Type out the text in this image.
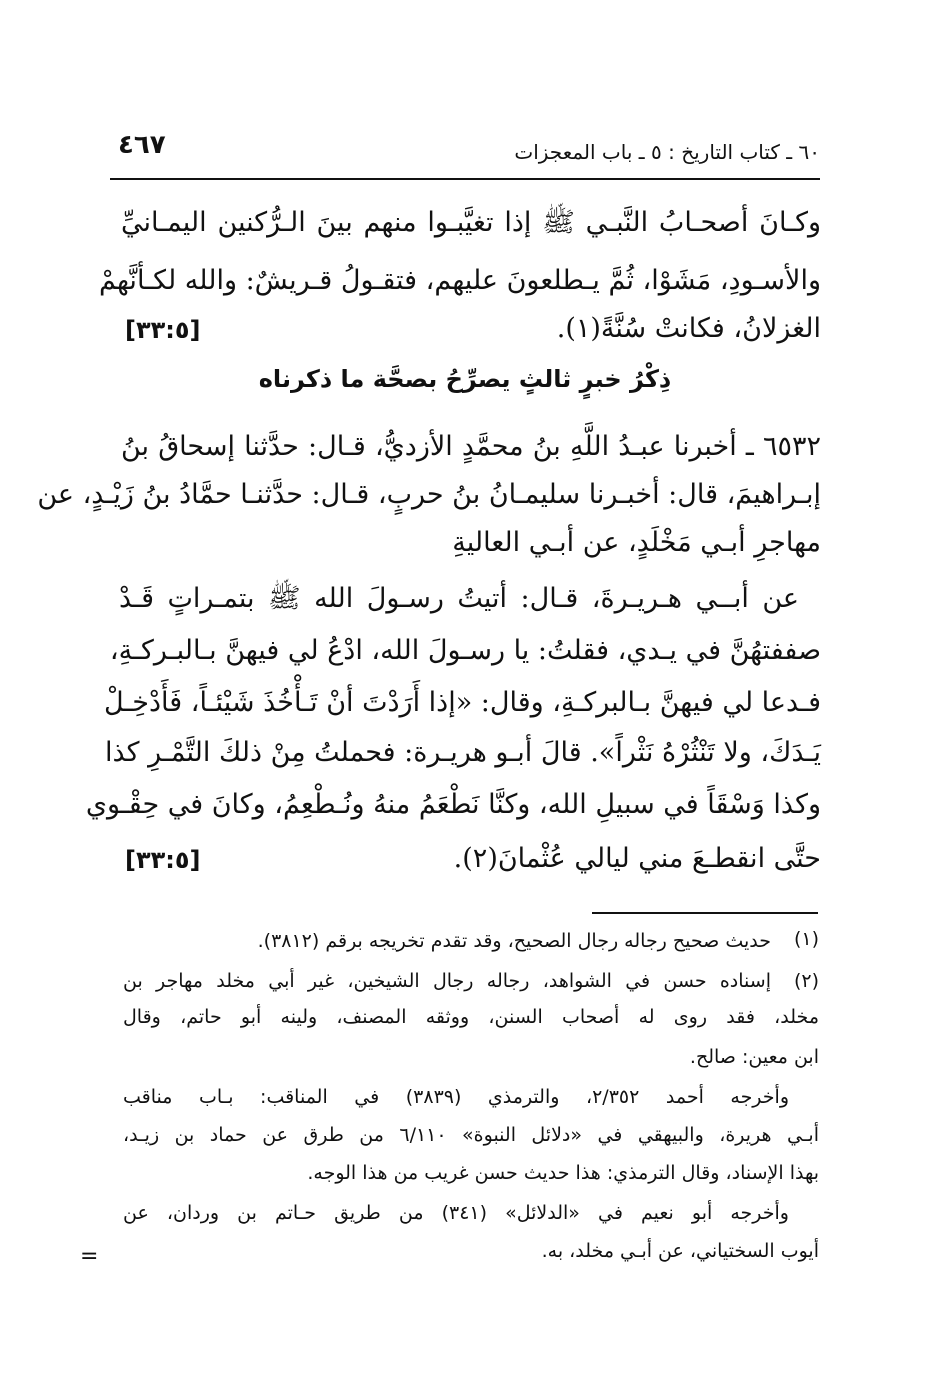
٦٠ ـ كتاب التاريخ : ٥ ـ باب المعجزات
٤٦٧
وكـانَ أصحـابُ النَّبـي ﷺ إذا تغيَّبـوا منهم بينَ الـرُّكنين اليمـانيِّ
والأسـودِ، مَشَوْا، ثُمَّ يـطلعونَ عليهم، فتقـولُ قـريشٌ: والله لكـأنَّهمْ
الغزلانُ، فكانتْ سُنَّةً(١).
[٣٣:٥]
ذِكْرُ خبرٍ ثالثٍ يصرِّحُ بصحَّة ما ذكرناه
٦٥٣٢ ـ أخبرنا عبـدُ اللَّهِ بنُ محمَّدٍ الأزديُّ، قـال: حدَّثنا إسحاقُ بنُ
إبـراهيمَ، قال: أخبـرنا سليمـانُ بنُ حربٍ، قـال: حدَّثنـا حمَّادُ بنُ زَيْـدٍ، عن
مهاجرِ أبـي مَخْلَدٍ، عن أبـي العاليةِ
عن أبــي هـريـرةَ، قـال: أتيتُ رسـولَ الله ﷺ بتمـراتٍ قَـدْ
صففتهُنَّ في يـدي، فقلتُ: يا رسـولَ الله، ادْعُ لي فيهنَّ بـالبـركـةِ،
فـدعا لي فيهنَّ بـالبركـةِ، وقال: «إذا أَرَدْتَ أنْ تَـأْخُذَ شَيْئـاً، فَأَدْخِـلْ
يَـدَكَ، ولا تَنْثُرْهُ نَثْراً». قالَ أبـو هريـرة: فحملتُ مِنْ ذلكَ التَّمْـرِ كذا
وكذا وَسْقَاً في سبيلِ الله، وكنَّا نَطْعَمُ منهُ ونُـطْعِمُ، وكانَ في حِقْـوي
حتَّى انقطـعَ مني ليالي عُثْمانَ(٢).
[٣٣:٥]
(١)
حديث صحيح رجاله رجال الصحيح، وقد تقدم تخريجه برقم (٣٨١٢).
(٢)
إسناده حسن في الشواهد، رجاله رجال الشيخين، غير أبي مخلد مهاجر بن
مخلد، فقد روى له أصحاب السنن، ووثقه المصنف، ولينه أبو حاتم، وقال
ابن معين: صالح.
وأخرجه أحمد ٢/٣٥٢، والترمذي (٣٨٣٩) في المناقب: بـاب مناقب
أبـي هريرة، والبيهقي في «دلائل النبوة» ٦/١١٠ من طرق عن حماد بن زيـد،
بهذا الإسناد، وقال الترمذي: هذا حديث حسن غريب من هذا الوجه.
وأخرجه أبو نعيم في «الدلائل» (٣٤١) من طريق حـاتم بن وردان، عن
أيوب السختياني، عن أبـي مخلد، به.
=
